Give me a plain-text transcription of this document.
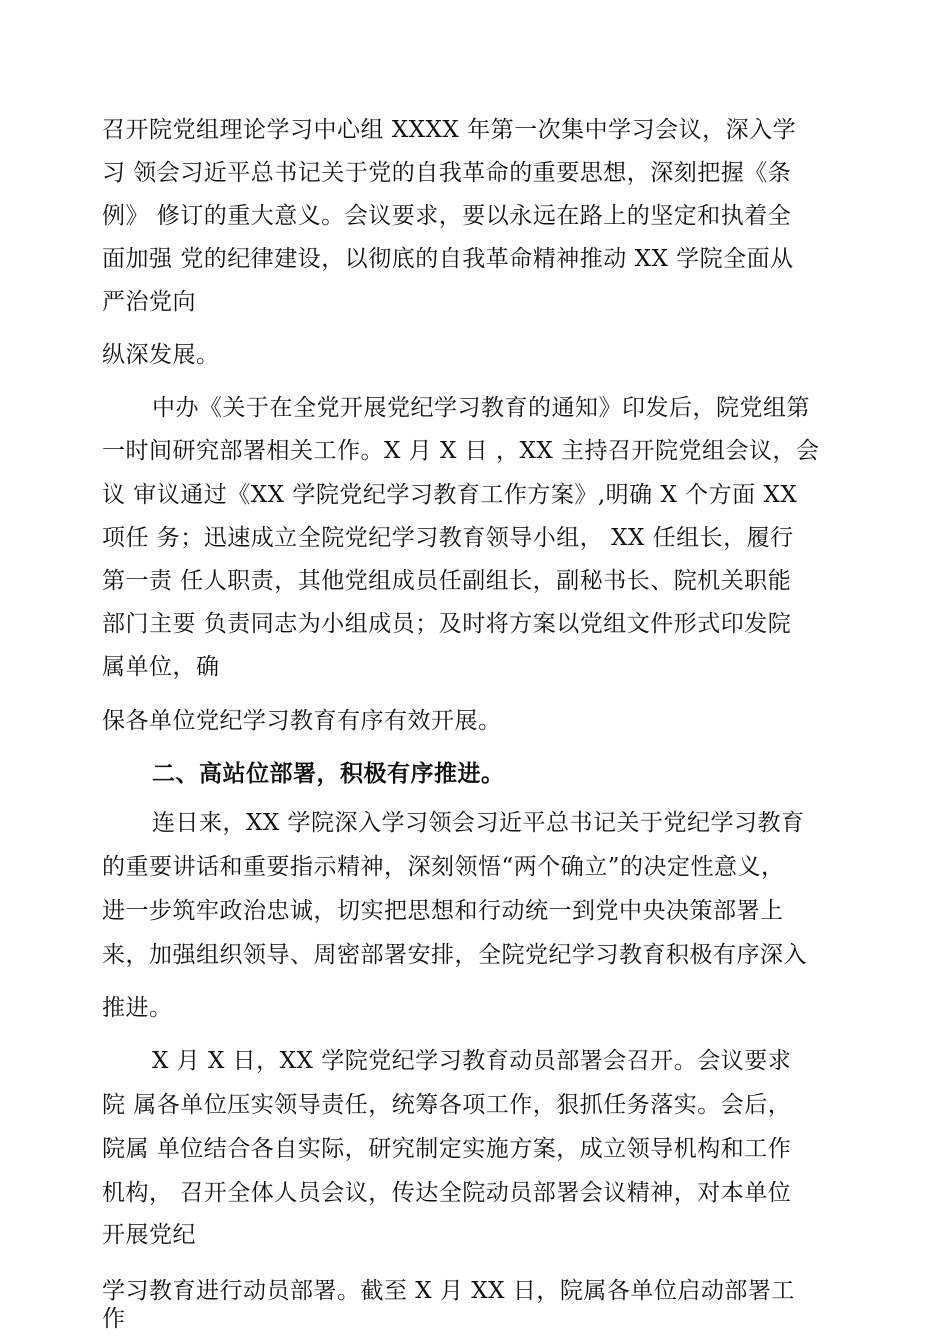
召开院党组理论学习中心组 XXXX 年第一次集中学习会议，深入学
习 领会习近平总书记关于党的自我革命的重要思想，深刻把握《条
例》 修订的重大意义。会议要求，要以永远在路上的坚定和执着全
面加强 党的纪律建设，以彻底的自我革命精神推动 XX 学院全面从
严治党向
纵深发展。
中办《关于在全党开展党纪学习教育的通知》印发后，院党组第
一时间研究部署相关工作。X 月 X 日 ，XX 主持召开院党组会议，会
议 审议通过《XX 学院党纪学习教育工作方案》,明确 X 个方面 XX
项任 务；迅速成立全院党纪学习教育领导小组， XX 任组长，履行
第一责 任人职责，其他党组成员任副组长，副秘书长、院机关职能
部门主要 负责同志为小组成员；及时将方案以党组文件形式印发院
属单位，确
保各单位党纪学习教育有序有效开展。
二、高站位部署，积极有序推进。
连日来，XX 学院深入学习领会习近平总书记关于党纪学习教育
的重要讲话和重要指示精神，深刻领悟“两个确立”的决定性意义，
进一步筑牢政治忠诚，切实把思想和行动统一到党中央决策部署上
来，加强组织领导、周密部署安排，全院党纪学习教育积极有序深入
推进。
X 月 X 日，XX 学院党纪学习教育动员部署会召开。会议要求
院 属各单位压实领导责任，统筹各项工作，狠抓任务落实。会后，
院属 单位结合各自实际，研究制定实施方案，成立领导机构和工作
机构， 召开全体人员会议，传达全院动员部署会议精神，对本单位
开展党纪
学习教育进行动员部署。截至 X 月 XX 日，院属各单位启动部署工
作
